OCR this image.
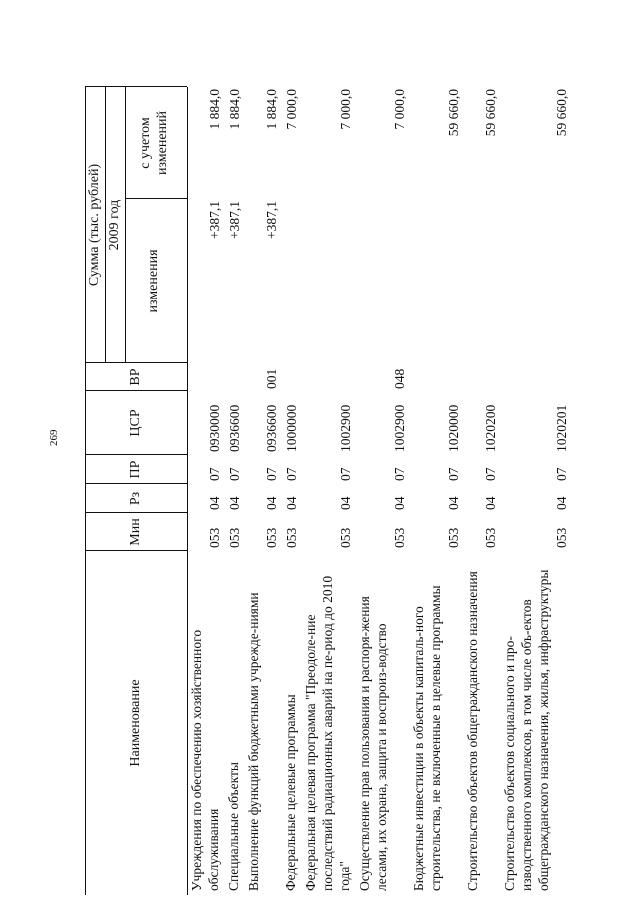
269
Наименование
Мин
Рз
ПР
ЦСР
ВР
Сумма (тыс. рублей) 2009 год
изменения
с учетом изменений
Учреждения по обеспечению хозяйственного обслуживания
053
04
07
0930000
+387,1
1 884,0
Специальные объекты
053
04
07
0936600
+387,1
1 884,0
Выполнение функций бюджетными учрежде-ниями
053
04
07
0936600
001
+387,1
1 884,0
Федеральные целевые программы
053
04
07
1000000
7 000,0
Федеральная целевая программа "Преодоле-ние последствий радиационных аварий на пе-риод до 2010 года"
053
04
07
1002900
7 000,0
Осуществление прав пользования и распоря-жения лесами, их охрана, защита и воспроиз-водство
053
04
07
1002900
048
7 000,0
Бюджетные инвестиции в объекты капиталь-ного строительства, не включенные в целевые программы
053
04
07
1020000
59 660,0
Строительство объектов общегражданского назначения
053
04
07
1020200
59 660,0
Строительство объектов социального и про-изводственного комплексов, в том числе объ-ектов общегражданского назначения, жилья, инфраструктуры
053
04
07
1020201
59 660,0
